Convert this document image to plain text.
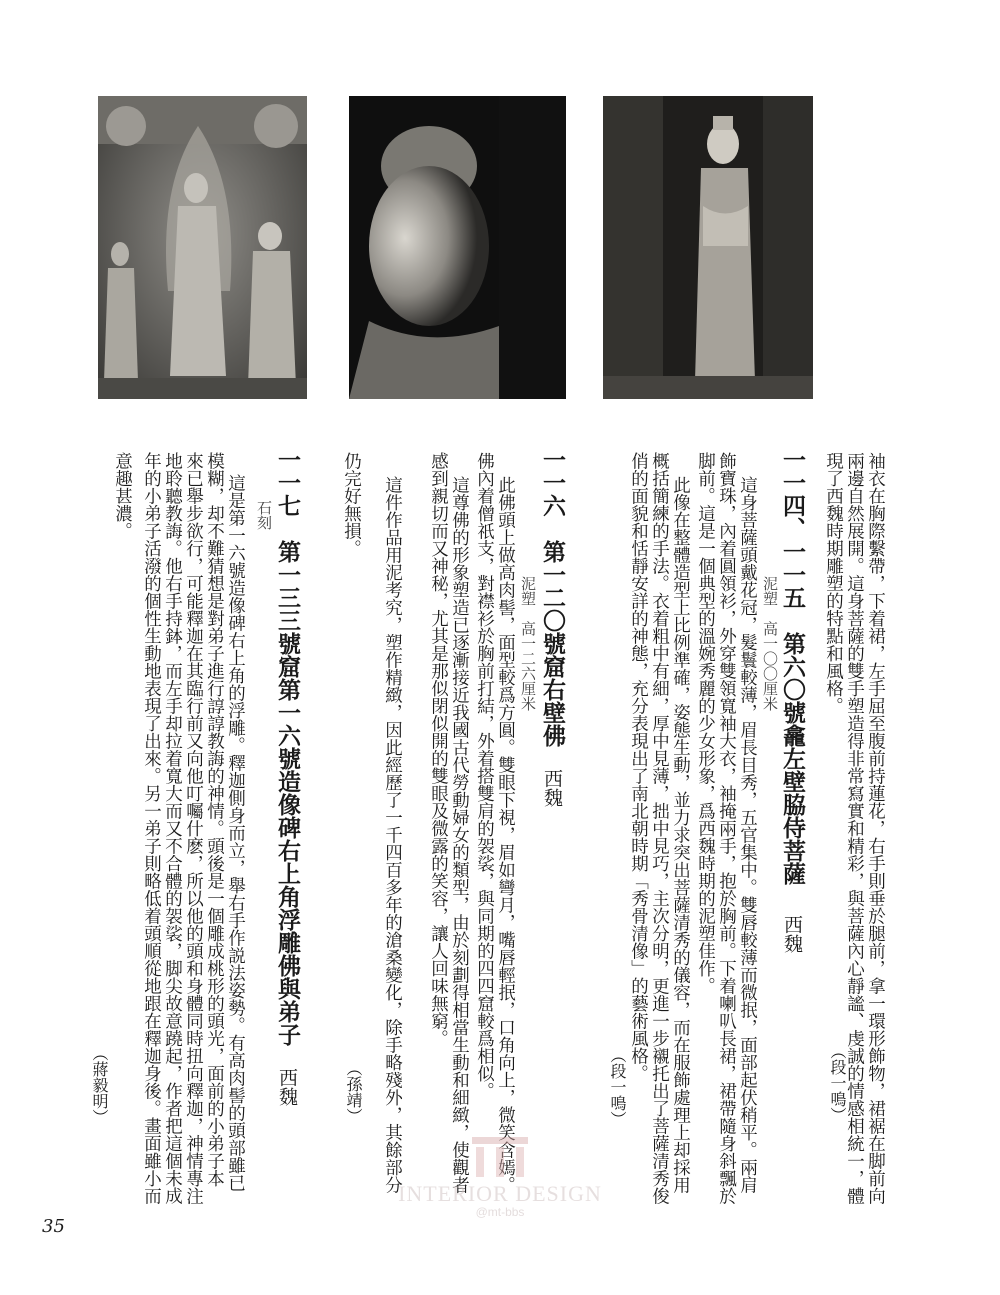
袖衣在胸際繫帶，下着裙，左手屈至腹前持蓮花，右手則垂於腿前，拿一環形飾物，裙裾在脚前向
兩邊自然展開。這身菩薩的雙手塑造得非常寫實和精彩，與菩薩內心靜謐、虔誠的情感相統一，體
現了西魏時期雕塑的特點和風格。
（段一鳴）
一一四、一一五　第六〇號龕左壁脇侍菩薩西魏
泥塑　高一〇〇厘米
這身菩薩頭戴花冠，髮鬟較薄，眉長目秀，五官集中。雙唇較薄而微抿，面部起伏稍平。兩肩
飾寶珠，內着圓領衫，外穿雙領寬袖大衣，袖掩兩手，抱於胸前。下着喇叭長裙，裙帶隨身斜飄於
脚前。這是一個典型的溫婉秀麗的少女形象，爲西魏時期的泥塑佳作。
此像在整體造型上比例準確，姿態生動，並力求突出菩薩清秀的儀容，而在服飾處理上却採用
概括簡練的手法。衣着粗中有細，厚中見薄，拙中見巧，主次分明，更進一步襯托出了菩薩清秀俊
俏的面貌和恬靜安詳的神態，充分表現出了南北朝時期「秀骨清像」的藝術風格。
（段一鳴）
一一六　第一二〇號窟右壁佛西魏
泥塑　高一二六厘米
此佛頭上做高肉髻，面型較爲方圓。雙眼下視，眉如彎月，嘴唇輕抿，口角向上，微笑含嫣。
佛內着僧祇支，對襟衫於胸前打結，外着搭雙肩的袈裟，與同期的四四窟較爲相似。
這尊佛的形象塑造已逐漸接近我國古代勞動婦女的類型，由於刻劃得相當生動和細緻，使觀者
感到親切而又神秘，尤其是那似閉似開的雙眼及微露的笑容，讓人回味無窮。
這件作品用泥考究，塑作精緻，因此經歷了一千四百多年的滄桑變化，除手略殘外，其餘部分
仍完好無損。
（孫靖）
一一七　第一三三號窟第一六號造像碑右上角浮雕佛與弟子西魏
石刻
這是第一六號造像碑右上角的浮雕。釋迦側身而立，舉右手作説法姿勢。有高肉髻的頭部雖已
模糊，却不難猜想是對弟子進行諄諄教誨的神情。頭後是一個雕成桃形的頭光，面前的小弟子本
來已舉步欲行，可能釋迦在其臨行前又向他叮囑什麽，所以他的頭和身體同時扭向釋迦，神情專注
地聆聽教誨。他右手持鉢，而左手却拉着寬大而又不合體的袈裟，脚尖故意蹺起，作者把這個未成
年的小弟子活潑的個性生動地表現了出來。另一弟子則略低着頭順從地跟在釋迦身後。畫面雖小而
意趣甚濃。
（蔣毅明）
INTERIOR DESIGN
@mt-bbs
35
